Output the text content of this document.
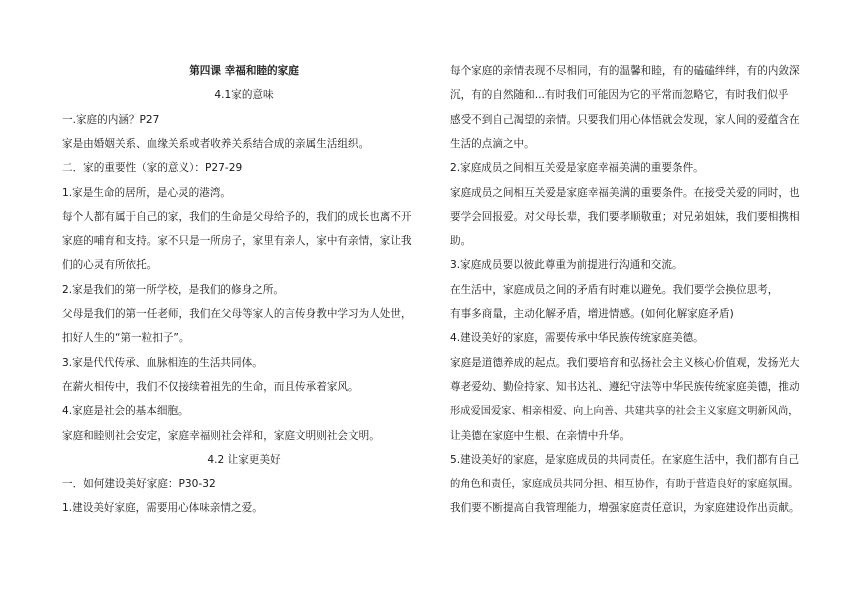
第四课 幸福和睦的家庭
4.1家的意味
一.家庭的内涵？P27
家是由婚姻关系、血缘关系或者收养关系结合成的亲属生活组织。
二．家的重要性（家的意义）：P27-29
1.家是生命的居所，是心灵的港湾。
每个人都有属于自己的家，我们的生命是父母给予的，我们的成长也离不开
家庭的哺育和支持。家不只是一所房子，家里有亲人，家中有亲情，家让我
们的心灵有所依托。
2.家是我们的第一所学校，是我们的修身之所。
父母是我们的第一任老师，我们在父母等家人的言传身教中学习为人处世，
扣好人生的“第一粒扣子”。
3.家是代代传承、血脉相连的生活共同体。
在薪火相传中，我们不仅接续着祖先的生命，而且传承着家风。
4.家庭是社会的基本细胞。
家庭和睦则社会安定，家庭幸福则社会祥和，家庭文明则社会文明。
4.2 让家更美好
一．如何建设美好家庭：P30-32
1.建设美好家庭，需要用心体味亲情之爱。
每个家庭的亲情表现不尽相同，有的温馨和睦，有的磕磕绊绊，有的内敛深
沉，有的自然随和...有时我们可能因为它的平常而忽略它，有时我们似乎
感受不到自己渴望的亲情。只要我们用心体悟就会发现，家人间的爱蕴含在
生活的点滴之中。
2.家庭成员之间相互关爱是家庭幸福美满的重要条件。
家庭成员之间相互关爱是家庭幸福美满的重要条件。在接受关爱的同时，也
要学会回报爱。对父母长辈，我们要孝顺敬重；对兄弟姐妹，我们要相携相
助。
3.家庭成员要以彼此尊重为前提进行沟通和交流。
在生活中，家庭成员之间的矛盾有时难以避免。我们要学会换位思考，
有事多商量，主动化解矛盾，增进情感。(如何化解家庭矛盾)
4.建设美好的家庭，需要传承中华民族传统家庭美德。
家庭是道德养成的起点。我们要培育和弘扬社会主义核心价值观，发扬光大
尊老爱幼、勤俭持家、知书达礼、遵纪守法等中华民族传统家庭美德，推动
形成爱国爱家、相亲相爱、向上向善、共建共享的社会主义家庭文明新风尚，
让美德在家庭中生根、在亲情中升华。
5.建设美好的家庭，是家庭成员的共同责任。在家庭生活中，我们都有自己
的角色和责任，家庭成员共同分担、相互协作，有助于营造良好的家庭氛围。
我们要不断提高自我管理能力，增强家庭责任意识，为家庭建设作出贡献。
